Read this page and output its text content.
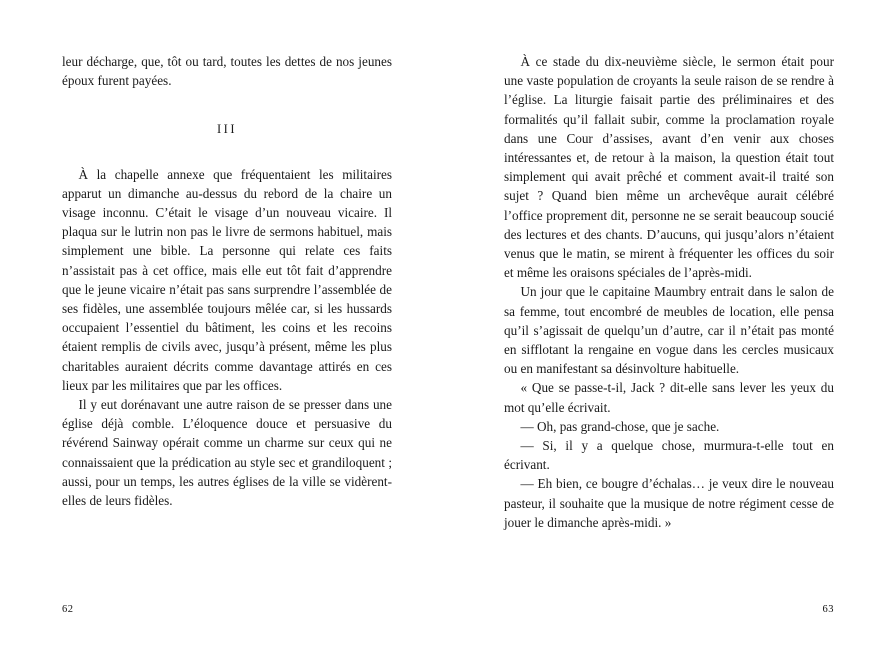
leur décharge, que, tôt ou tard, toutes les dettes de nos jeunes époux furent payées.

III

À la chapelle annexe que fréquentaient les militaires apparut un dimanche au-dessus du rebord de la chaire un visage inconnu. C’était le visage d’un nouveau vicaire. Il plaqua sur le lutrin non pas le livre de sermons habituel, mais simplement une bible. La personne qui relate ces faits n’assistait pas à cet office, mais elle eut tôt fait d’apprendre que le jeune vicaire n’était pas sans surprendre l’assemblée de ses fidèles, une assemblée toujours mêlée car, si les hussards occupaient l’essentiel du bâtiment, les coins et les recoins étaient remplis de civils avec, jusqu’à présent, même les plus charitables auraient décrits comme davantage attirés en ces lieux par les militaires que par les offices.

Il y eut dorénavant une autre raison de se presser dans une église déjà comble. L’éloquence douce et persuasive du révérend Sainway opérait comme un charme sur ceux qui ne connaissaient que la prédication au style sec et grandiloquent ; aussi, pour un temps, les autres églises de la ville se vidèrent-elles de leurs fidèles.

62

À ce stade du dix-neuvième siècle, le sermon était pour une vaste population de croyants la seule raison de se rendre à l’église. La liturgie faisait partie des préliminaires et des formalités qu’il fallait subir, comme la proclamation royale dans une Cour d’assises, avant d’en venir aux choses intéressantes et, de retour à la maison, la question était tout simplement qui avait prêché et comment avait-il traité son sujet ? Quand bien même un archevêque aurait célébré l’office proprement dit, personne ne se serait beaucoup soucié des lectures et des chants. D’aucuns, qui jusqu’alors n’étaient venus que le matin, se mirent à fréquenter les offices du soir et même les oraisons spéciales de l’après-midi.

Un jour que le capitaine Maumbry entrait dans le salon de sa femme, tout encombré de meubles de location, elle pensa qu’il s’agissait de quelqu’un d’autre, car il n’était pas monté en sifflotant la rengaine en vogue dans les cercles musicaux ou en manifestant sa désinvolture habituelle.

« Que se passe-t-il, Jack ? dit-elle sans lever les yeux du mot qu’elle écrivait.

— Oh, pas grand-chose, que je sache.

— Si, il y a quelque chose, murmura-t-elle tout en écrivant.

— Eh bien, ce bougre d’échalas… je veux dire le nouveau pasteur, il souhaite que la musique de notre régiment cesse de jouer le dimanche après-midi. »

63
